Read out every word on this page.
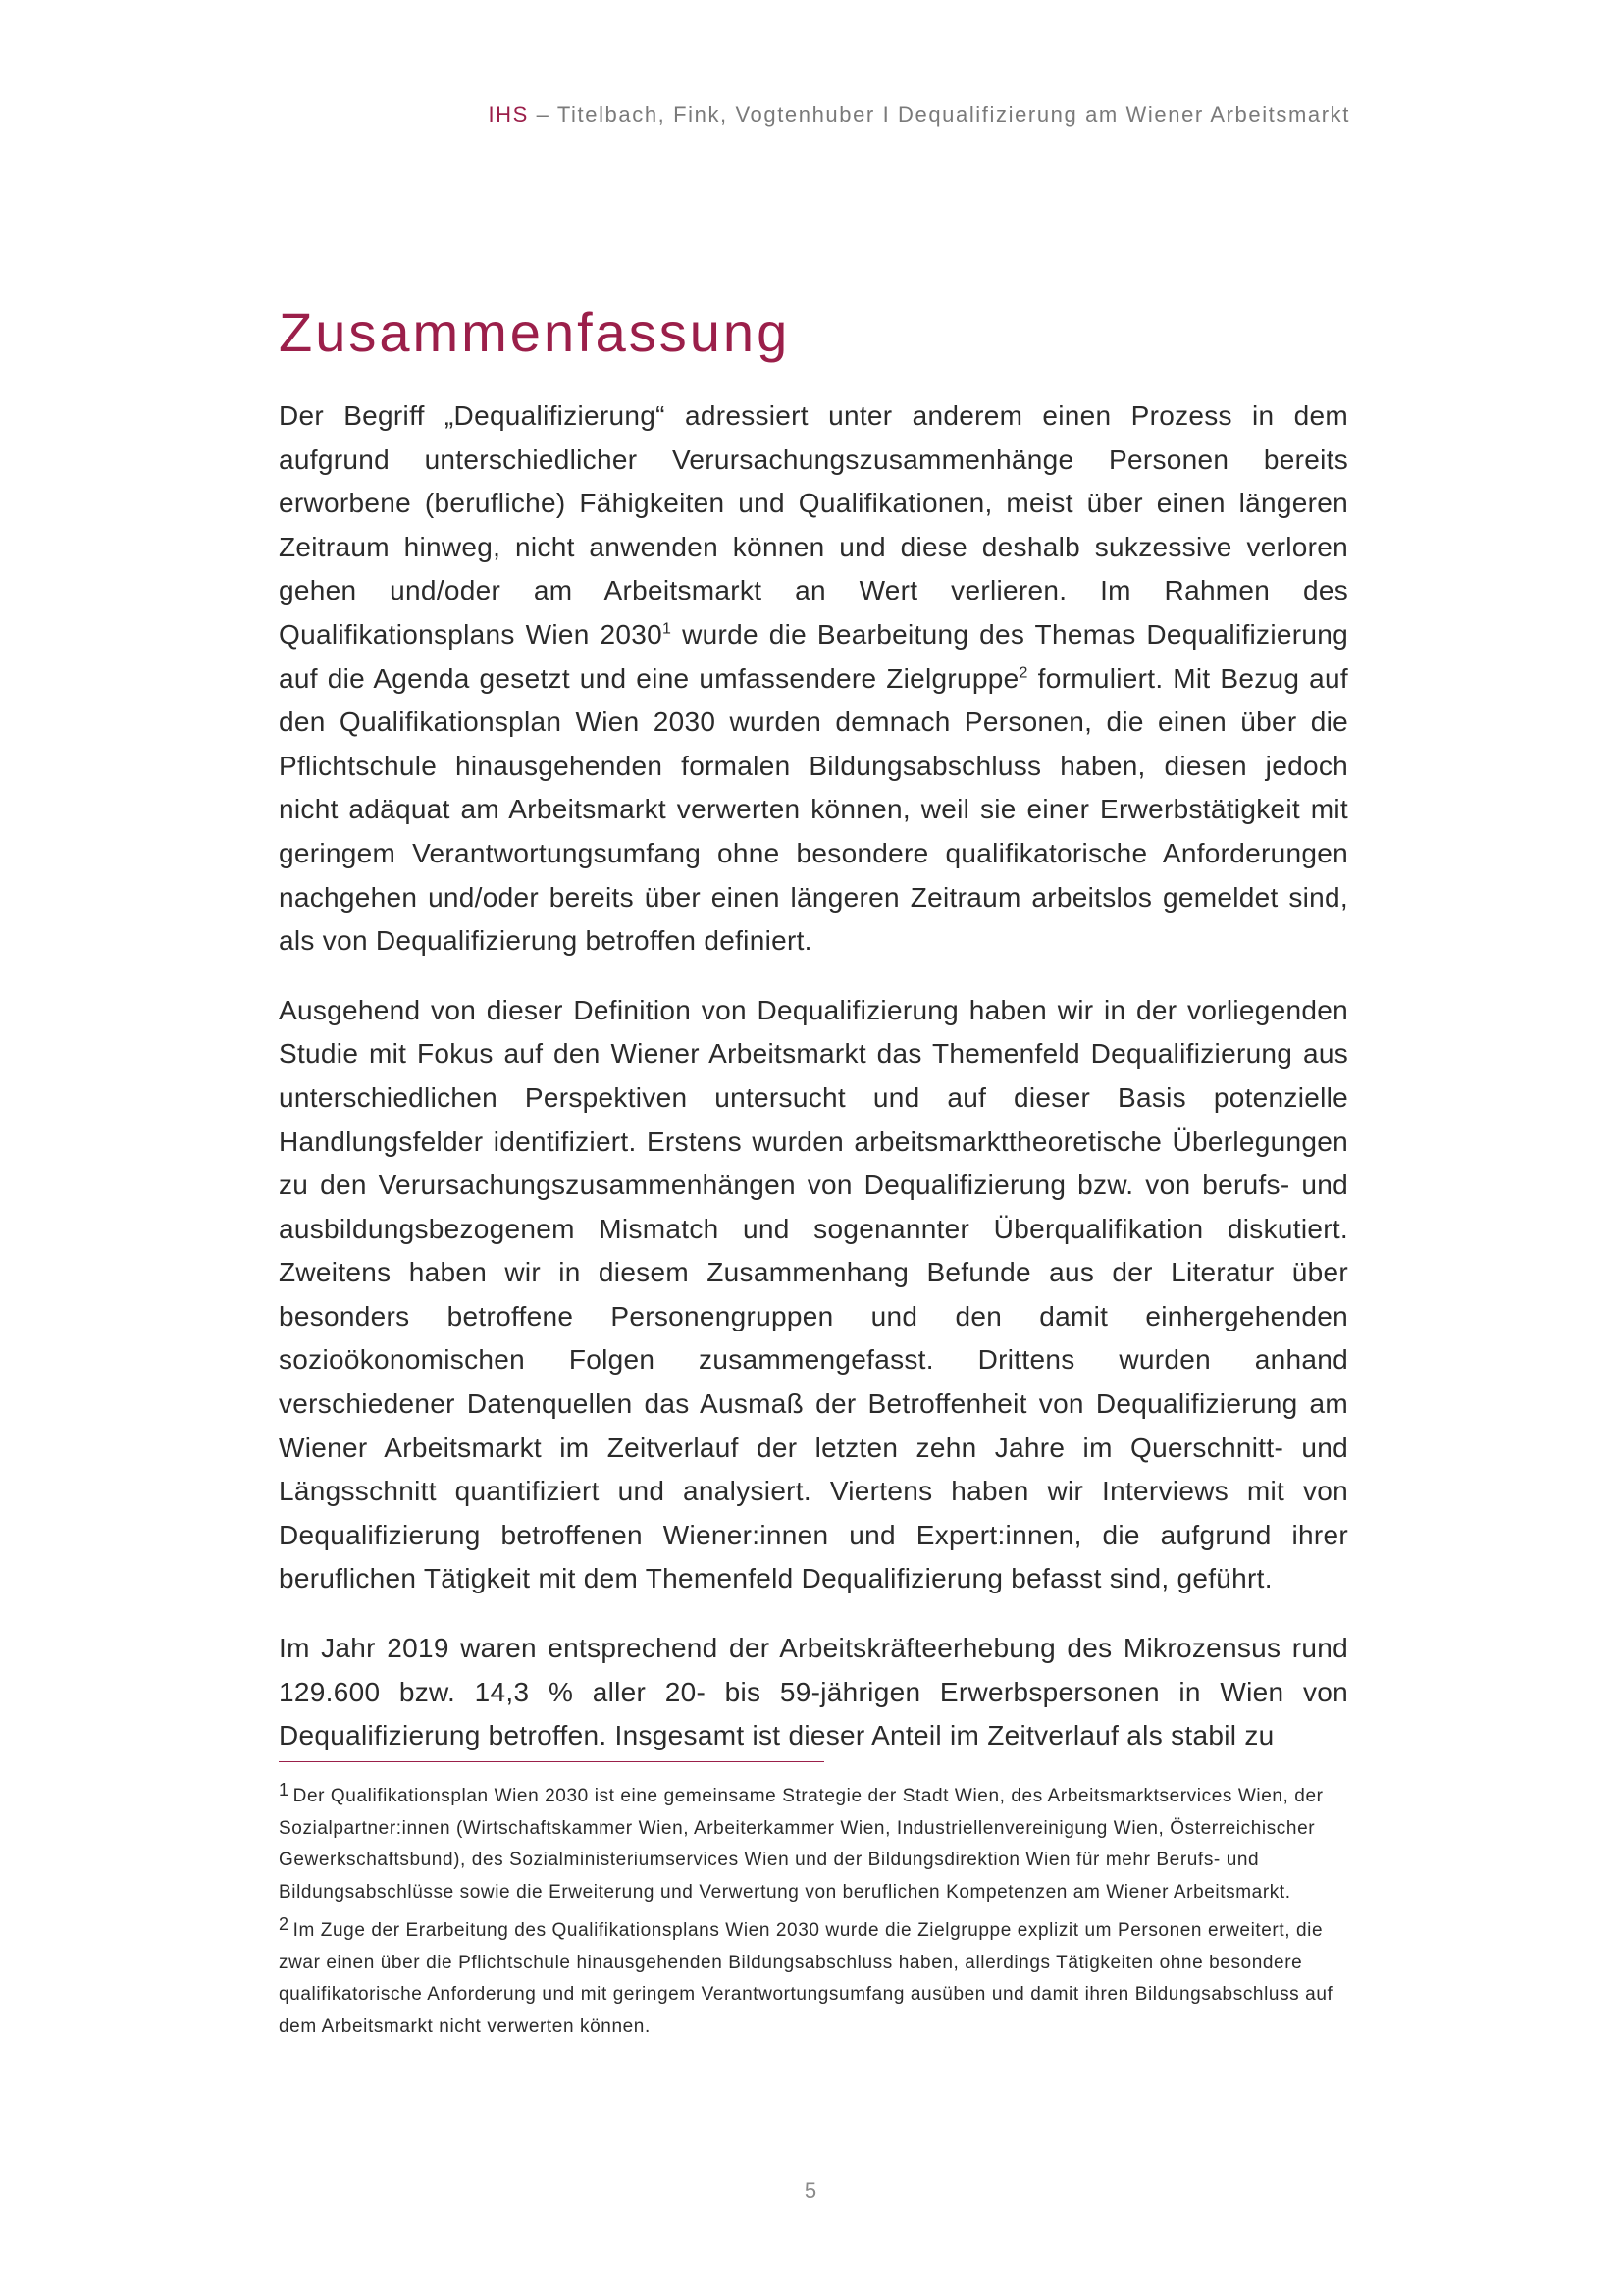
IHS – Titelbach, Fink, Vogtenhuber I Dequalifizierung am Wiener Arbeitsmarkt
Zusammenfassung

Der Begriff „Dequalifizierung“ adressiert unter anderem einen Prozess in dem aufgrund unterschiedlicher Verursachungszusammenhänge Personen bereits erworbene (berufliche) Fähigkeiten und Qualifikationen, meist über einen längeren Zeitraum hinweg, nicht anwenden können und diese deshalb sukzessive verloren gehen und/oder am Arbeitsmarkt an Wert verlieren. Im Rahmen des Qualifikationsplans Wien 2030$^1$ wurde die Bearbeitung des Themas Dequalifizierung auf die Agenda gesetzt und eine umfassendere Zielgruppe$^2$ formuliert. Mit Bezug auf den Qualifikationsplan Wien 2030 wurden demnach Personen, die einen über die Pflichtschule hinausgehenden formalen Bildungsabschluss haben, diesen jedoch nicht adäquat am Arbeitsmarkt verwerten können, weil sie einer Erwerbstätigkeit mit geringem Verantwortungsumfang ohne besondere qualifikatorische Anforderungen nachgehen und/oder bereits über einen längeren Zeitraum arbeitslos gemeldet sind, als von Dequalifizierung betroffen definiert.

Ausgehend von dieser Definition von Dequalifizierung haben wir in der vorliegenden Studie mit Fokus auf den Wiener Arbeitsmarkt das Themenfeld Dequalifizierung aus unterschiedlichen Perspektiven untersucht und auf dieser Basis potenzielle Handlungsfelder identifiziert. Erstens wurden arbeitsmarkttheoretische Überlegungen zu den Verursachungszusammenhängen von Dequalifizierung bzw. von berufs- und ausbildungsbezogenem Mismatch und sogenannter Überqualifikation diskutiert. Zweitens haben wir in diesem Zusammenhang Befunde aus der Literatur über besonders betroffene Personengruppen und den damit einhergehenden sozioökonomischen Folgen zusammengefasst. Drittens wurden anhand verschiedener Datenquellen das Ausmaß der Betroffenheit von Dequalifizierung am Wiener Arbeitsmarkt im Zeitverlauf der letzten zehn Jahre im Querschnitt- und Längsschnitt quantifiziert und analysiert. Viertens haben wir Interviews mit von Dequalifizierung betroffenen Wiener:innen und Expert:innen, die aufgrund ihrer beruflichen Tätigkeit mit dem Themenfeld Dequalifizierung befasst sind, geführt.

Im Jahr 2019 waren entsprechend der Arbeitskräfteerhebung des Mikrozensus rund 129.600 bzw. 14,3 % aller 20- bis 59-jährigen Erwerbspersonen in Wien von Dequalifizierung betroffen. Insgesamt ist dieser Anteil im Zeitverlauf als stabil zu

1 Der Qualifikationsplan Wien 2030 ist eine gemeinsame Strategie der Stadt Wien, des Arbeitsmarktservices Wien, der Sozialpartner:innen (Wirtschaftskammer Wien, Arbeiterkammer Wien, Industriellenvereinigung Wien, Österreichischer Gewerkschaftsbund), des Sozialministeriumservices Wien und der Bildungsdirektion Wien für mehr Berufs- und Bildungsabschlüsse sowie die Erweiterung und Verwertung von beruflichen Kompetenzen am Wiener Arbeitsmarkt.

2 Im Zuge der Erarbeitung des Qualifikationsplans Wien 2030 wurde die Zielgruppe explizit um Personen erweitert, die zwar einen über die Pflichtschule hinausgehenden Bildungsabschluss haben, allerdings Tätigkeiten ohne besondere qualifikatorische Anforderung und mit geringem Verantwortungsumfang ausüben und damit ihren Bildungsabschluss auf dem Arbeitsmarkt nicht verwerten können.

5
